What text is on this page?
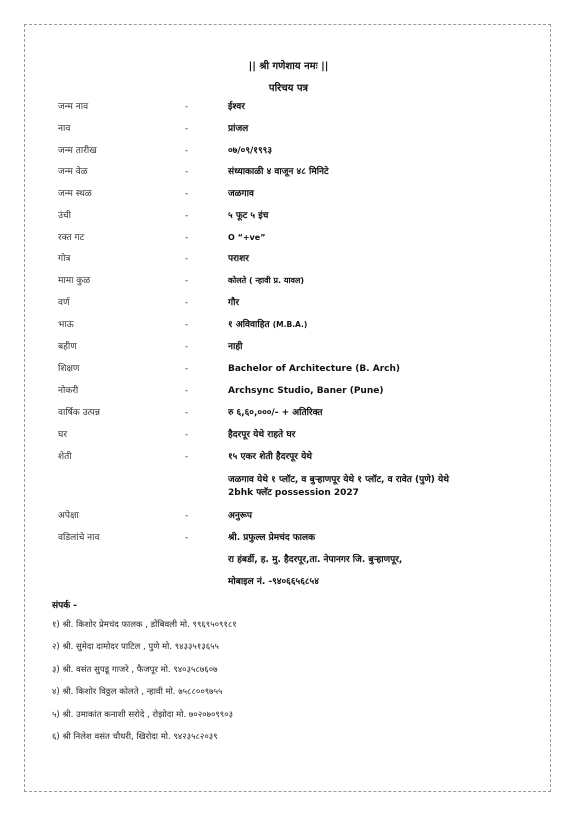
|| श्री गणेशाय नमः ||
परिचय पत्र
जन्म नाव	-	ईश्वर
नाव	-	प्रांजल
जन्म तारीख	-	०७/०९/१९९३
जन्म वेळ	-	संध्याकाळी ४ वाजून ४८ मिनिटे
जन्म स्थळ	-	जळगाव
उंची	-	५ फूट ५ इंच
रक्त गट	-	O “+ve”
गोत्र	-	पराशर
मामा कुळ	-	कोलते ( न्हावी प्र. यावल)
वर्ण	-	गौर
भाऊ	-	१ अविवाहित (M.B.A.)
बहीण	-	नाही
शिक्षण	-	Bachelor of Architecture (B. Arch)
नोकरी	-	Archsync Studio, Baner (Pune)
वार्षिक उत्पन्न	-	रु ६,६०,०००/- + अतिरिक्त
घर	-	हैदरपूर येथे राहते घर
शेती	-	१५ एकर शेती हैदरपूर येथे
जळगाव येथे १ प्लॉट, व बुऱ्हाणपूर येथे १ प्लॉट, व रावेत (पुणे) येथे
2bhk फ्लॅट possession 2027
अपेक्षा	-	अनुरूप
वडिलांचे नाव	-	श्री. प्रफुल्ल प्रेमचंद फालक
रा हंबर्डी, ह. मु. हैदरपूर,ता. नेपानगर जि. बुऱ्हाणपूर,
मोबाइल नं. -९४०६६५६८५४
संपर्क -
१) श्री. किशोर प्रेमचंद फालक , डोंबिवली मो. ९९६९५०९१८१
२) श्री. सुमेदा दामोदर पाटिल , पुणे मो. ९४३३५१३६५५
३) श्री. वसंत सुपडू गाजरे , फैजपूर मो. ९४०३५८७६०७
४) श्री. किशोर विठ्ठल कोलते , न्हावी मो. ७५८८००९७५५
५) श्री. उमाकांत कनाशी सरोदे , रोझोदा मो. ७०२०७०९९०३
६) श्री निलेश वसंत चौधरी, खिरोदा मो. ९४२३५८२०३९
